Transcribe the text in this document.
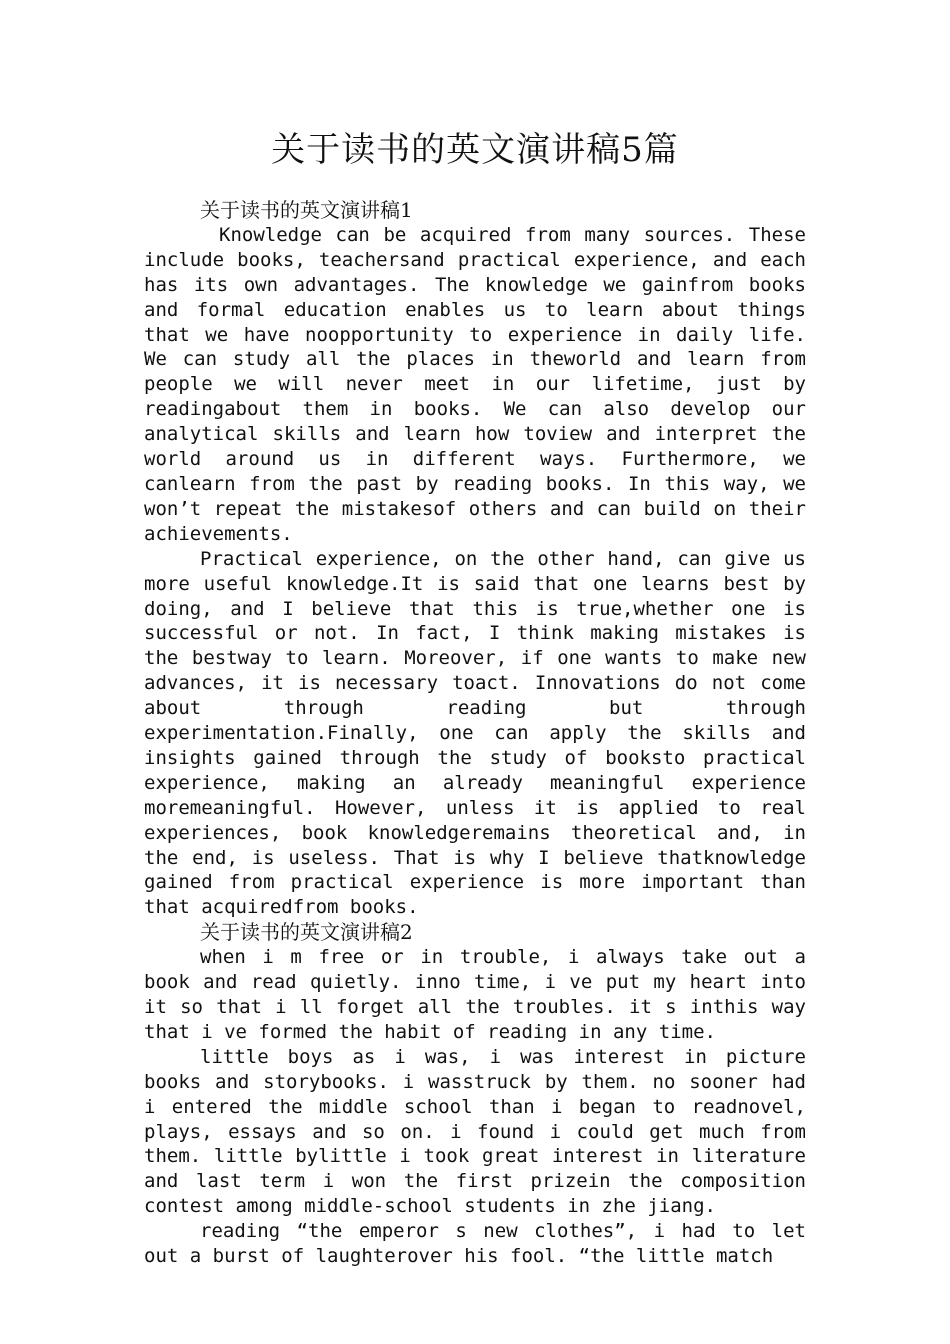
关于读书的英文演讲稿5篇
关于读书的英文演讲稿1

Knowledge can be acquired from many sources. These include books, teachersand practical experience, and each has its own advantages. The knowledge we gainfrom books and formal education enables us to learn about things that we have noopportunity to experience in daily life. We can study all the places in theworld and learn from people we will never meet in our lifetime, just by readingabout them in books. We can also develop our analytical skills and learn how toview and interpret the world around us in different ways. Furthermore, we canlearn from the past by reading books. In this way, we won’t repeat the mistakesof others and can build on their achievements.

Practical experience, on the other hand, can give us more useful knowledge.It is said that one learns best by doing, and I believe that this is true,whether one is successful or not. In fact, I think making mistakes is the bestway to learn. Moreover, if one wants to make new advances, it is necessary toact. Innovations do not come about through reading but through experimentation.Finally, one can apply the skills and insights gained through the study of booksto practical experience, making an already meaningful experience moremeaningful. However, unless it is applied to real experiences, book knowledgeremains theoretical and, in the end, is useless. That is why I believe thatknowledge gained from practical experience is more important than that acquiredfrom books.

关于读书的英文演讲稿2

when i m free or in trouble, i always take out a book and read quietly. inno time, i ve put my heart into it so that i ll forget all the troubles. it s inthis way that i ve formed the habit of reading in any time.

little boys as i was, i was interest in picture books and storybooks. i wasstruck by them. no sooner had i entered the middle school than i began to readnovel, plays, essays and so on. i found i could get much from them. little bylittle i took great interest in literature and last term i won the first prizein the composition contest among middle-school students in zhe jiang.

reading “the emperor s new clothes”, i had to let out a burst of laughterover his fool. “the little match
